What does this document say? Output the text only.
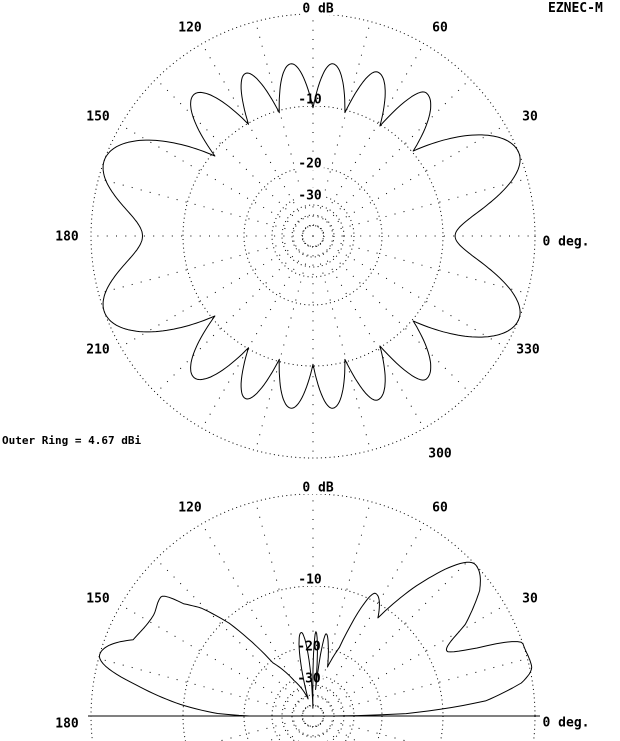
0 dB
120	60
-10
150	30
-20
-30
180	0 deg.
210	330
300
0 dB
120	60
-10
150	30
-20
-30
180	0 deg.
EZNEC-M
Outer Ring = 4.67 dBi
